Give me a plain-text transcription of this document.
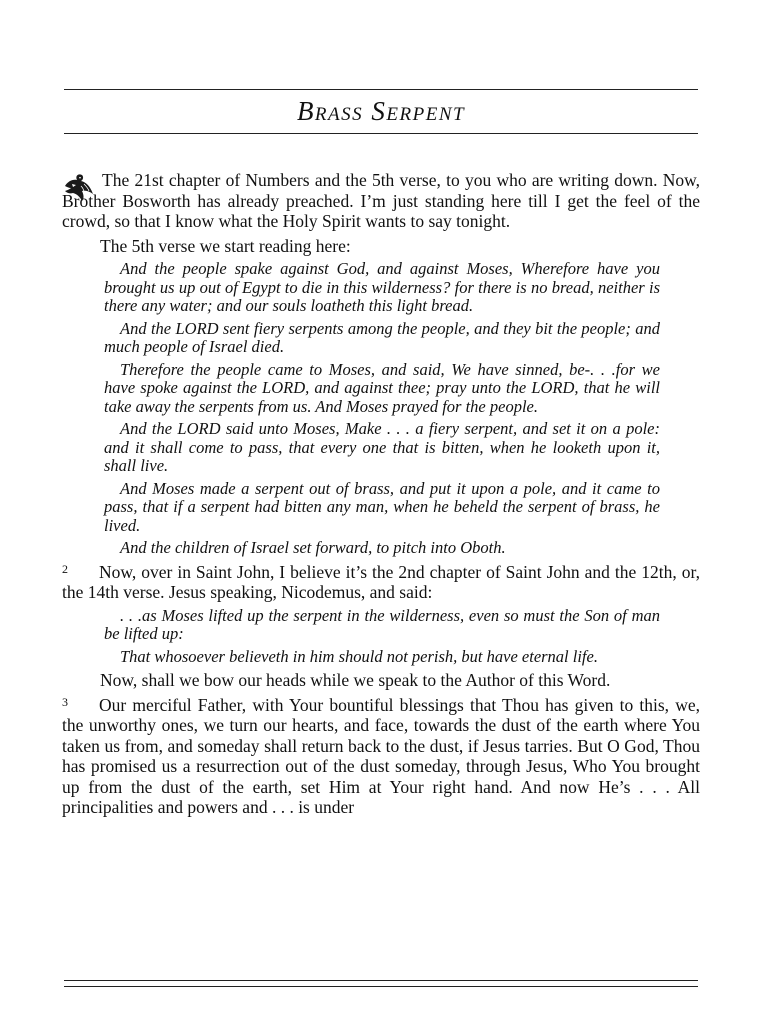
Brass Serpent

The 21st chapter of Numbers and the 5th verse, to you who are writing down. Now, Brother Bosworth has already preached. I’m just standing here till I get the feel of the crowd, so that I know what the Holy Spirit wants to say tonight.

The 5th verse we start reading here:

And the people spake against God, and against Moses, Wherefore have you brought us up out of Egypt to die in this wilderness? for there is no bread, neither is there any water; and our souls loatheth this light bread.

And the LORD sent fiery serpents among the people, and they bit the people; and much people of Israel died.

Therefore the people came to Moses, and said, We have sinned, be-. . .for we have spoke against the LORD, and against thee; pray unto the LORD, that he will take away the serpents from us. And Moses prayed for the people.

And the LORD said unto Moses, Make . . . a fiery serpent, and set it on a pole: and it shall come to pass, that every one that is bitten, when he looketh upon it, shall live.

And Moses made a serpent out of brass, and put it upon a pole, and it came to pass, that if a serpent had bitten any man, when he beheld the serpent of brass, he lived.

And the children of Israel set forward, to pitch into Oboth.

2 Now, over in Saint John, I believe it’s the 2nd chapter of Saint John and the 12th, or, the 14th verse. Jesus speaking, Nicodemus, and said:

. . .as Moses lifted up the serpent in the wilderness, even so must the Son of man be lifted up:

That whosoever believeth in him should not perish, but have eternal life.

Now, shall we bow our heads while we speak to the Author of this Word.

3 Our merciful Father, with Your bountiful blessings that Thou has given to this, we, the unworthy ones, we turn our hearts, and face, towards the dust of the earth where You taken us from, and someday shall return back to the dust, if Jesus tarries. But O God, Thou has promised us a resurrection out of the dust someday, through Jesus, Who You brought up from the dust of the earth, set Him at Your right hand. And now He’s . . . All principalities and powers and . . . is under
